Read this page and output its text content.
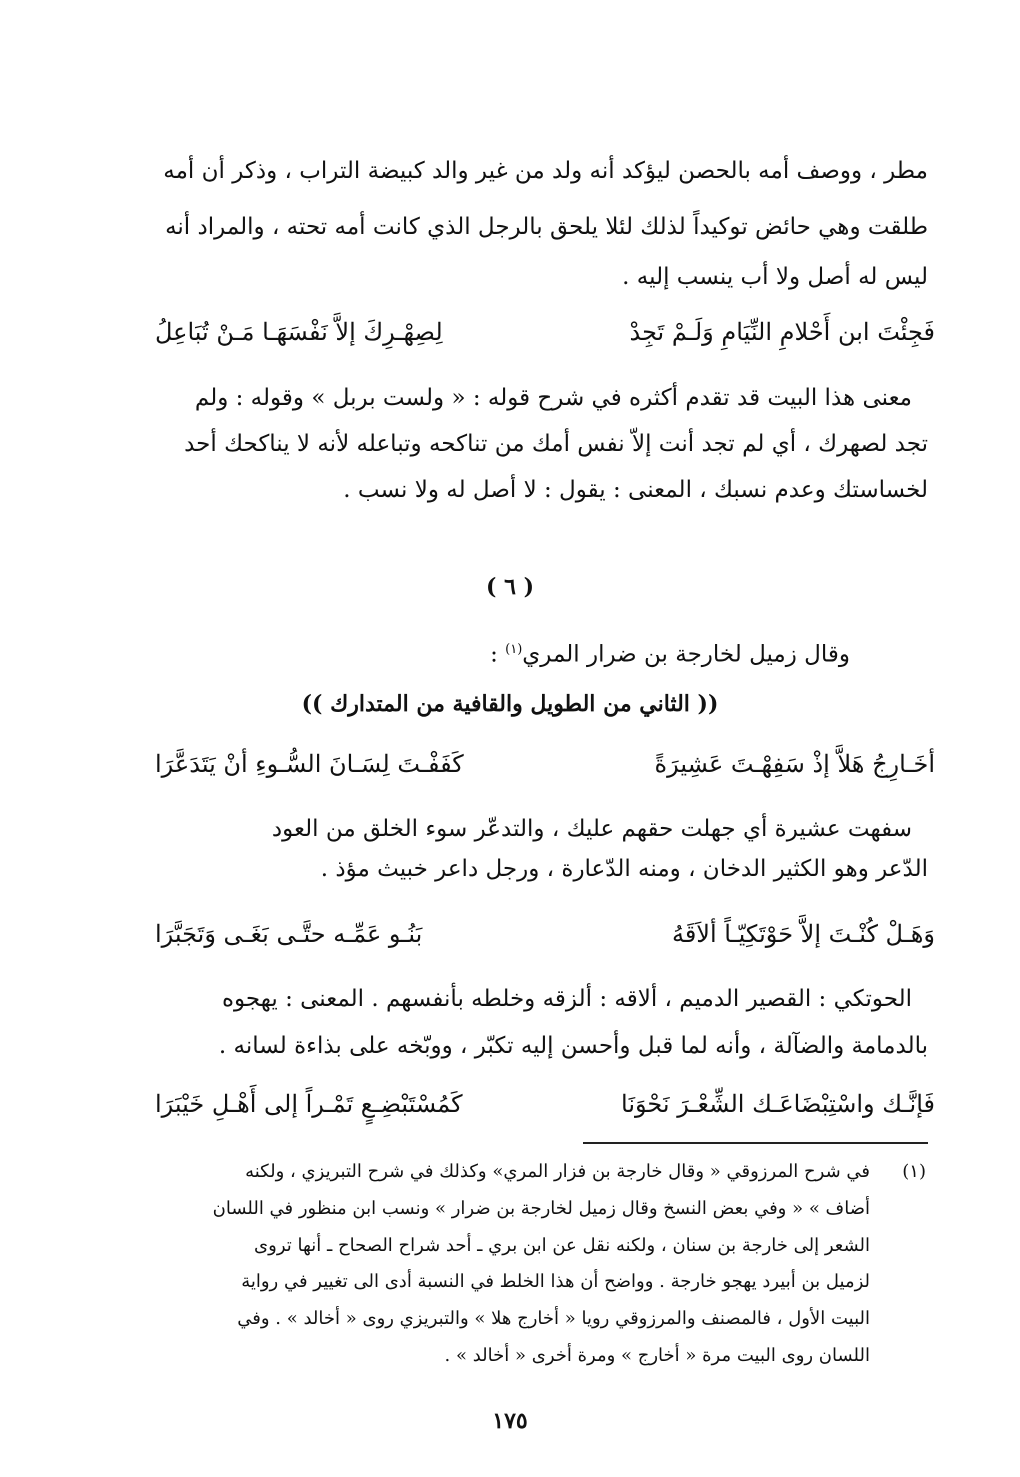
مطر ، ووصف أمه بالحصن ليؤكد أنه ولد من غير والد كبيضة التراب ، وذكر أن أمه
طلقت وهي حائض توكيداً لذلك لئلا يلحق بالرجل الذي كانت أمه تحته ، والمراد أنه
ليس له أصل ولا أب ينسب إليه .
فَجِئْتَ ابن أَحْلامِ النِّيَامِ وَلَـمْ تَجِدْ
لِصِهْـرِكَ إلاَّ نَفْسَهَـا مَـنْ تُبَاعِلُ
معنى هذا البيت قد تقدم أكثره في شرح قوله : « ولست بربل » وقوله : ولم
تجد لصهرك ، أي لم تجد أنت إلاّ نفس أمك من تناكحه وتباعله لأنه لا يناكحك أحد
لخساستك وعدم نسبك ، المعنى : يقول : لا أصل له ولا نسب .
( ٦ )
وقال زميل لخارجة بن ضرار المري$^{(١)}$ :
(( الثاني من الطويل والقافية من المتدارك ))
أخَـارِجُ هَلاَّ إذْ سَفِهْـتَ عَشِيرَةً
كَفَفْـتَ لِسَـانَ السُّـوءِ أنْ يَتَدَعَّرَا
سفهت عشيرة أي جهلت حقهم عليك ، والتدعّر سوء الخلق من العود
الدّعر وهو الكثير الدخان ، ومنه الدّعارة ، ورجل داعر خبيث مؤذ .
وَهَـلْ كُنْـتَ إلاَّ حَوْتَكِيّـاً ألاَقَهُ
بَنُـو عَمِّـه حتَّـى بَغَـى وَتَجَبَّرَا
الحوتكي : القصير الدميم ، ألاقه : ألزقه وخلطه بأنفسهم . المعنى : يهجوه
بالدمامة والضآلة ، وأنه لما قبل وأحسن إليه تكبّر ، ووبّخه على بذاءة لسانه .
فَإنَّـك واسْتِبْضَاعَـك الشِّعْـرَ نَحْوَنَا
كَمُسْتَبْضِـعٍ تَمْـراً إلى أَهْـلِ خَيْبَرَا
(١)
في شرح المرزوقي « وقال خارجة بن فزار المري» وكذلك في شرح التبريزي ، ولكنه
أضاف » « وفي بعض النسخ وقال زميل لخارجة بن ضرار » ونسب ابن منظور في اللسان
الشعر إلى خارجة بن سنان ، ولكنه نقل عن ابن بري ـ أحد شراح الصحاح ـ أنها تروى
لزميل بن أبيرد يهجو خارجة . وواضح أن هذا الخلط في النسبة أدى الى تغيير في رواية
البيت الأول ، فالمصنف والمرزوقي رويا « أخارج هلا » والتبريزي روى « أخالد » . وفي
اللسان روى البيت مرة « أخارج » ومرة أخرى « أخالد » .
١٧٥
